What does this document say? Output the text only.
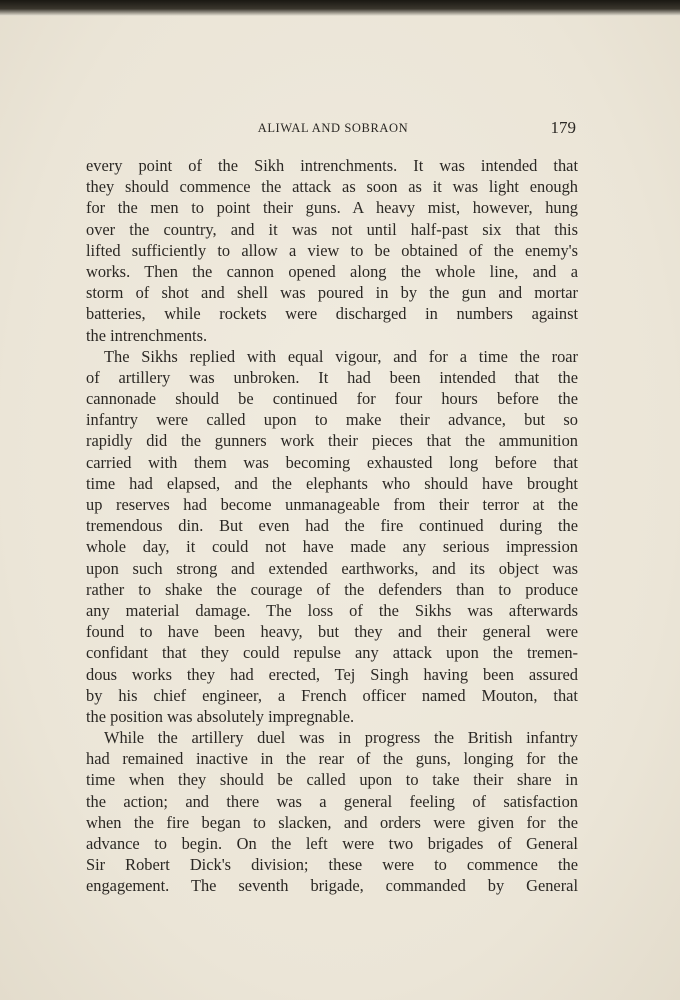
ALIWAL AND SOBRAON	179
every point of the Sikh intrenchments. It was intended that
they should commence the attack as soon as it was light enough
for the men to point their guns. A heavy mist, however, hung
over the country, and it was not until half-past six that this
lifted sufficiently to allow a view to be obtained of the enemy's
works. Then the cannon opened along the whole line, and a
storm of shot and shell was poured in by the gun and mortar
batteries, while rockets were discharged in numbers against
the intrenchments.
The Sikhs replied with equal vigour, and for a time the roar
of artillery was unbroken. It had been intended that the
cannonade should be continued for four hours before the
infantry were called upon to make their advance, but so
rapidly did the gunners work their pieces that the ammunition
carried with them was becoming exhausted long before that
time had elapsed, and the elephants who should have brought
up reserves had become unmanageable from their terror at the
tremendous din. But even had the fire continued during the
whole day, it could not have made any serious impression
upon such strong and extended earthworks, and its object was
rather to shake the courage of the defenders than to produce
any material damage. The loss of the Sikhs was afterwards
found to have been heavy, but they and their general were
confidant that they could repulse any attack upon the tremen-
dous works they had erected, Tej Singh having been assured
by his chief engineer, a French officer named Mouton, that
the position was absolutely impregnable.
While the artillery duel was in progress the British infantry
had remained inactive in the rear of the guns, longing for the
time when they should be called upon to take their share in
the action; and there was a general feeling of satisfaction
when the fire began to slacken, and orders were given for the
advance to begin. On the left were two brigades of General
Sir Robert Dick's division; these were to commence the
engagement. The seventh brigade, commanded by General
